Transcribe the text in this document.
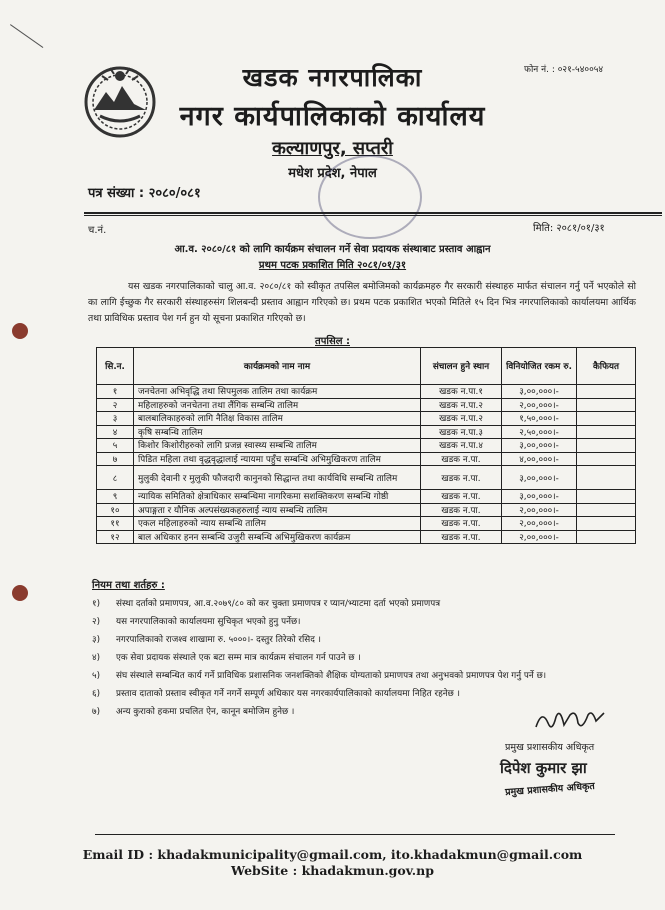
फोन नं. : ०२१-५४००५४
खडक नगरपालिका
नगर कार्यपालिकाको कार्यालय
कल्याणपुर, सप्तरी
मधेश प्रदेश, नेपाल
पत्र संख्या : २०८०/०८१
च.नं.	मिति: २०८१/०१/३१
आ.व. २०८०/८१ को लागि कार्यक्रम संचालन गर्ने सेवा प्रदायक संस्थाबाट प्रस्ताव आह्वान
प्रथम पटक प्रकाशित मिति २०८१/०१/३१
यस खडक नगरपालिकाको चालु आ.व. २०८०/८१ को स्वीकृत तपसिल बमोजिमको कार्यक्रमहरु गैर सरकारी संस्थाहरु मार्फत संचालन गर्नु पर्ने भएकोले सो का लागि ईच्छुक गैर सरकारी संस्थाहरुसंग शिलबन्दी प्रस्ताव आह्वान गरिएको छ। प्रथम पटक प्रकाशित भएको मितिले १५ दिन भित्र नगरपालिकाको कार्यालयमा आर्थिक तथा प्राविधिक प्रस्ताव पेश गर्न हुन यो सूचना प्रकाशित गरिएको छ।
तपसिल :
सि.न.	कार्यक्रमको नाम नाम	संचालन हुने स्थान	विनियोजित रकम रु.	कैफियत
१	जनचेतना अभिवृद्धि तथा सिपमुलक तालिम तथा कार्यक्रम	खडक न.पा.१	३,००,०००।-	
२	महिलाहरुको जनचेतना तथा लैंगिक सम्बन्धि तालिम	खडक न.पा.२	२,००,०००।-	
३	बालबालिकाहरुको लागि नैतिक्ष विकास तालिम	खडक न.पा.२	१,५०,०००।-	
४	कृषि सम्बन्धि तालिम	खडक न.पा.३	२,५०,०००।-	
५	किशोर किशोरीहरुको लागि प्रजन्न स्वास्थ्य सम्बन्धि तालिम	खडक न.पा.४	३,००,०००।-	
७	पिडित महिला तथा वृद्धवृद्धालाई न्यायमा पहुँच सम्बन्धि अभिमुखिकरण तालिम	खडक न.पा.	४,००,०००।-	
८	मुलुकी देवानी र मुलुकी फौजदारी कानुनको सिद्धान्त तथा कार्यविधि सम्बन्धि तालिम	खडक न.पा.	३,००,०००।-	
९	न्यायिक समितिको क्षेत्राधिकार सम्बन्धिमा नागरिकमा सशक्तिकरण सम्बन्धि गोष्ठी	खडक न.पा.	३,००,०००।-	
१०	अपाङ्गता र यौनिक अल्पसंख्यकहरुलाई न्याय सम्बन्धि तालिम	खडक न.पा.	२,००,०००।-	
११	एकल महिलाहरुको न्याय सम्बन्धि तालिम	खडक न.पा.	२,००,०००।-	
१२	बाल अधिकार हनन सम्बन्धि उजुरी सम्बन्धि अभिमुखिकरण कार्यक्रम	खडक न.पा.	२,००,०००।-	
नियम तथा शर्तहरु :
१) संस्था दर्ताको प्रमाणपत्र, आ.व.२०७९/८० को कर चुक्ता प्रमाणपत्र र प्यान/भ्याटमा दर्ता भएको प्रमाणपत्र
२) यस नगरपालिकाको कार्यालयमा सुचिकृत भएको हुनु पर्नेछ।
३) नगरपालिकाको राजश्व शाखामा रु. ५०००।- दस्तुर तिरेको रसिद ।
४) एक सेवा प्रदायक संस्थाले एक बटा सम्म मात्र कार्यक्रम संचालन गर्न पाउने छ ।
५) संघ संस्थाले सम्बन्धित कार्य गर्ने प्राविधिक प्रशासनिक जनशक्तिको शैक्षिक योग्यताको प्रमाणपत्र तथा अनुभवको प्रमाणपत्र पेश गर्नु पर्ने छ।
६) प्रस्ताव दाताको प्रस्ताव स्वीकृत गर्ने नगर्ने सम्पूर्ण अधिकार यस नगरकार्यपालिकाको कार्यालयमा निहित रहनेछ ।
७) अन्य कुराको हकमा प्रचलित ऐन, कानून बमोजिम हुनेछ ।
प्रमुख प्रशासकीय अधिकृत
दिपेश कुमार झा
प्रमुख प्रशासकीय अधिकृत
Email ID : khadakmunicipality@gmail.com, ito.khadakmun@gmail.com
WebSite : khadakmun.gov.np
